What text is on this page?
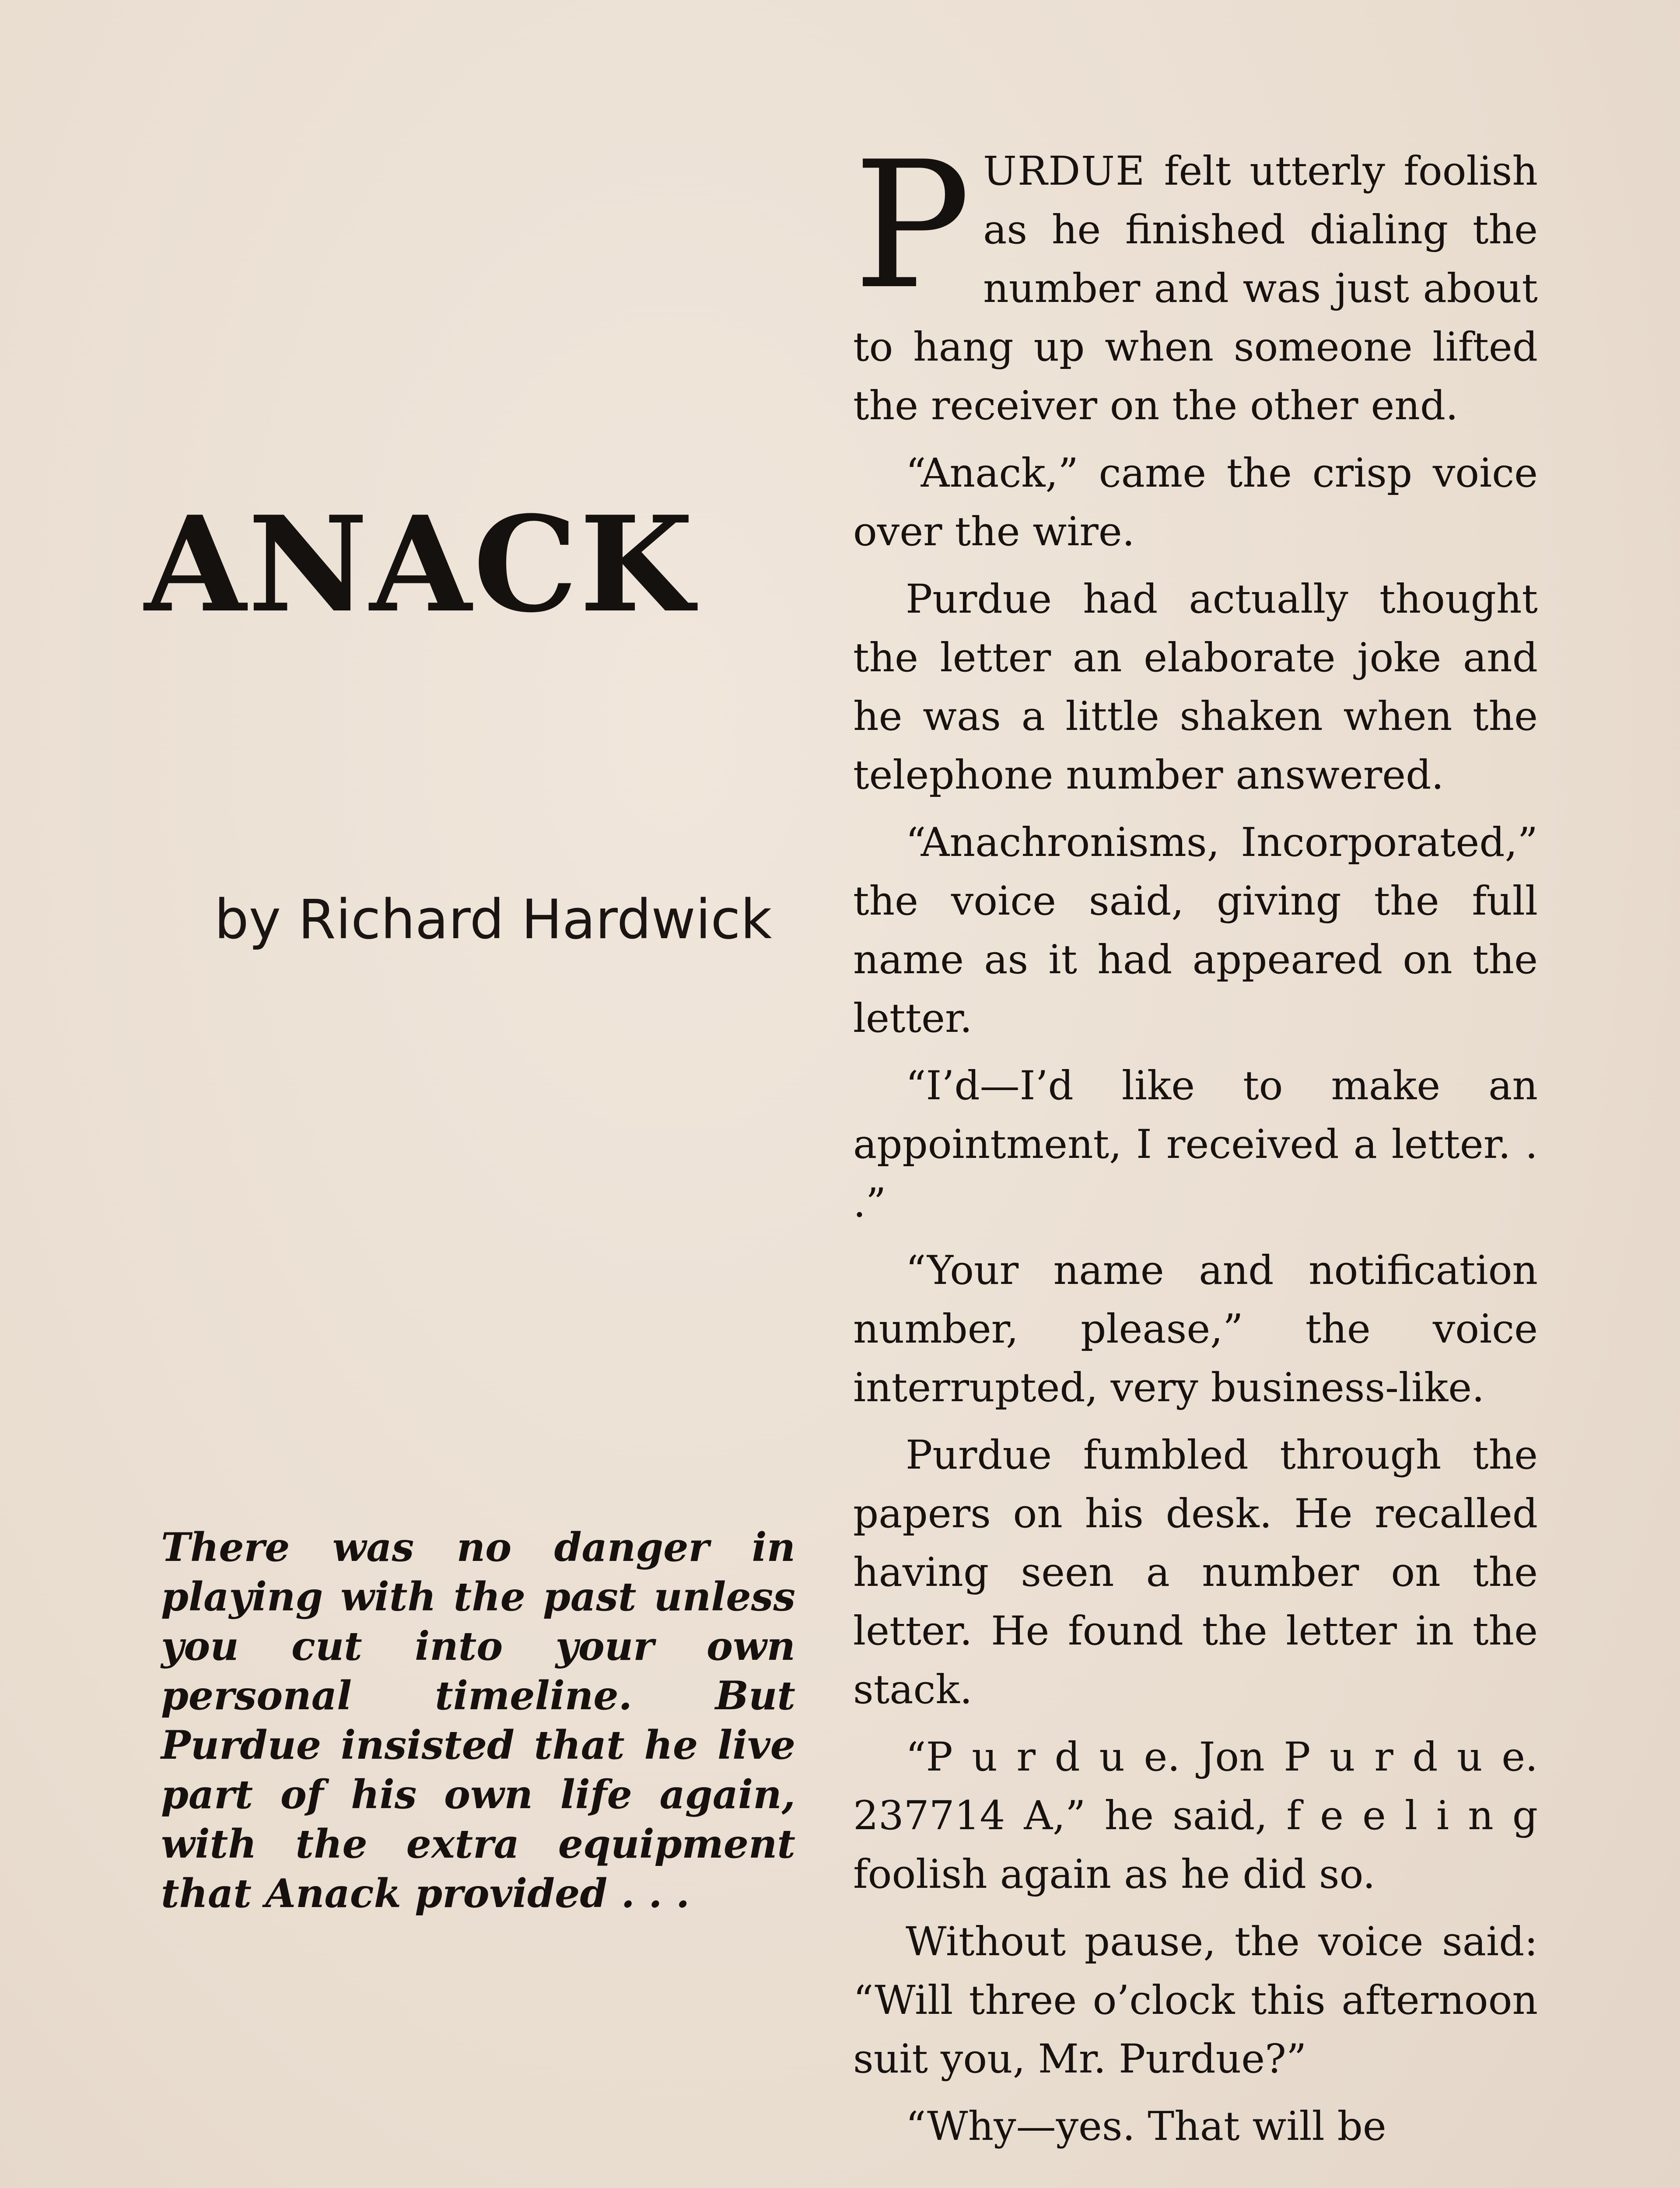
ANACK
by Richard Hardwick
There was no danger in playing with the past unless you cut into your own personal timeline. But Purdue insisted that he live part of his own life again, with the extra equipment that Anack provided . . .

PURDUE felt utterly foolish as he finished dialing the number and was just about to hang up when someone lifted the receiver on the other end.

“Anack,” came the crisp voice over the wire.

Purdue had actually thought the letter an elaborate joke and he was a little shaken when the telephone number answered.

“Anachronisms, Incorporated,” the voice said, giving the full name as it had appeared on the letter.

“I’d—I’d like to make an appointment, I received a letter. . .”

“Your name and notification number, please,” the voice interrupted, very business-like.

Purdue fumbled through the papers on his desk. He recalled having seen a number on the letter. He found the letter in the stack.

“P u r d u e. Jon P u r d u e. 237714 A,” he said, f e e l i n g foolish again as he did so.

Without pause, the voice said: “Will three o’clock this afternoon suit you, Mr. Purdue?”

“Why—yes. That will be
